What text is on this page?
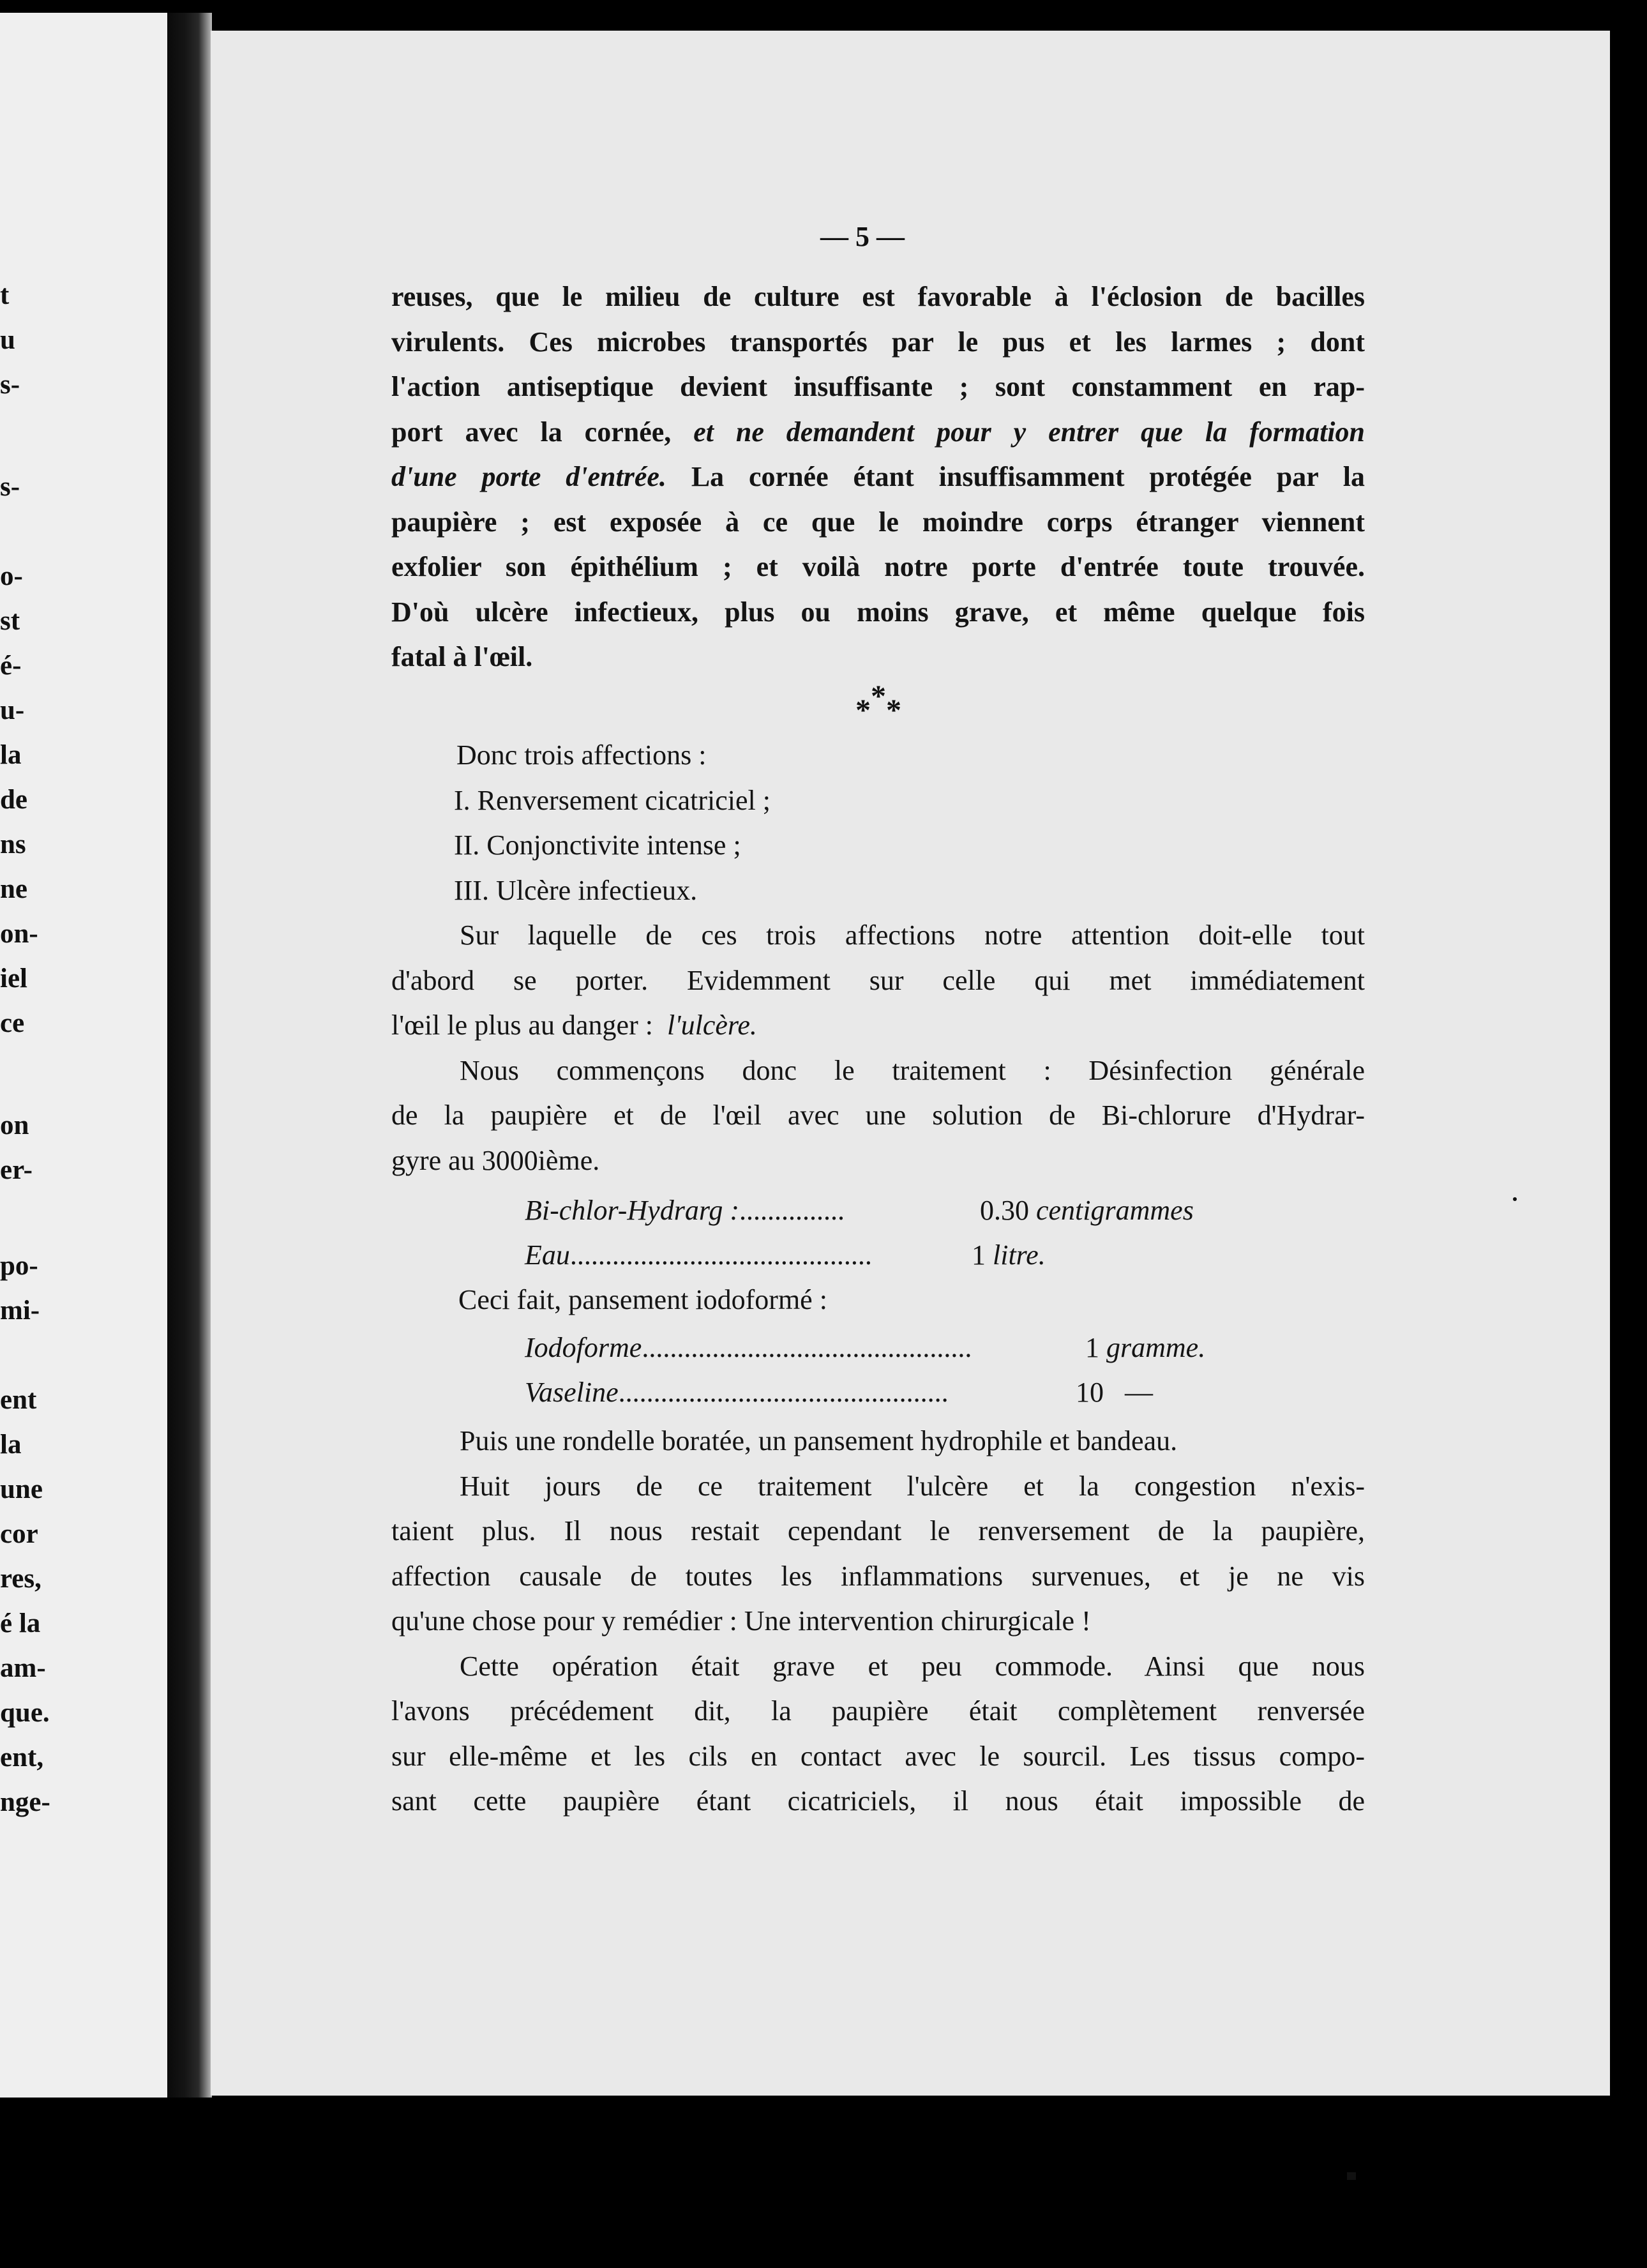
t
u
s-
s-
o-
st
é-
u-
la
de
ns
ne
on-
iel
ce
on
er-
po-
mi-
ent
la
une
cor
res,
é la
am-
que.
ent,
nge-
— 5 —
reuses, que le milieu de culture est favorable à l'éclosion de bacilles
virulents. Ces microbes transportés par le pus et les larmes ; dont
l'action antiseptique devient insuffisante ; sont constamment en rap-
port avec la cornée, et ne demandent pour y entrer que la formation
d'une porte d'entrée. La cornée étant insuffisamment protégée par la
paupière ; est exposée à ce que le moindre corps étranger viennent
exfolier son épithélium ; et voilà notre porte d'entrée toute trouvée.
D'où ulcère infectieux, plus ou moins grave, et même quelque fois
fatal à l'œil.
***
Donc trois affections :
I. Renversement cicatriciel ;
II. Conjonctivite intense ;
III. Ulcère infectieux.
Sur laquelle de ces trois affections notre attention doit-elle tout
d'abord se porter. Evidemment sur celle qui met immédiatement
l'œil le plus au danger : l'ulcère.
Nous commençons donc le traitement : Désinfection générale
de la paupière et de l'œil avec une solution de Bi-chlorure d'Hydrar-
gyre au 3000ième.
Bi-chlor-Hydrarg :...............	0.30 centigrammes
Eau...........................................	1 litre.
Ceci fait, pansement iodoformé :
Iodoforme...............................................	1 gramme.
Vaseline...............................................	10 —
Puis une rondelle boratée, un pansement hydrophile et bandeau.
Huit jours de ce traitement l'ulcère et la congestion n'exis-
taient plus. Il nous restait cependant le renversement de la paupière,
affection causale de toutes les inflammations survenues, et je ne vis
qu'une chose pour y remédier : Une intervention chirurgicale !
Cette opération était grave et peu commode. Ainsi que nous
l'avons précédement dit, la paupière était complètement renversée
sur elle-même et les cils en contact avec le sourcil. Les tissus compo-
sant cette paupière étant cicatriciels, il nous était impossible de
